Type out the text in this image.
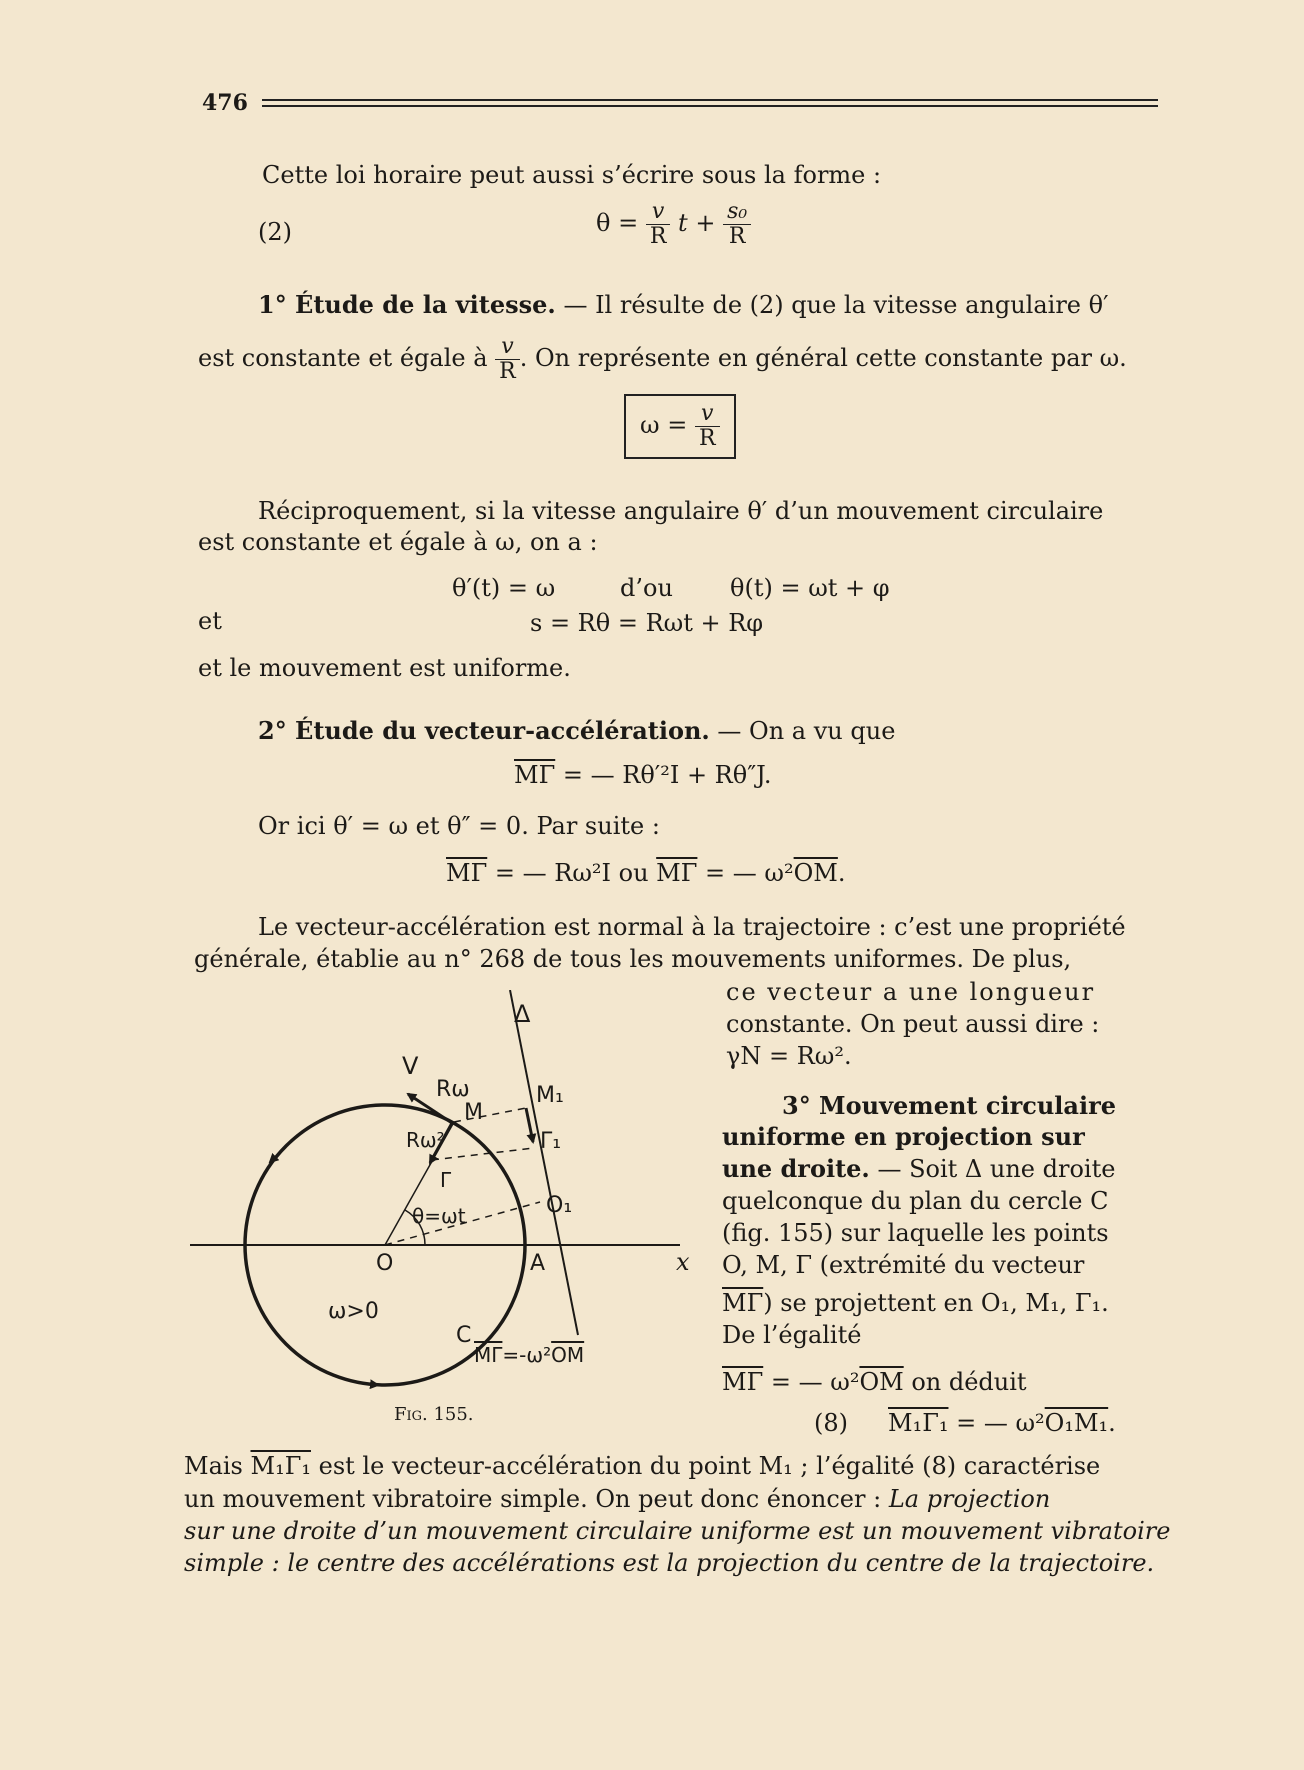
476
Cette loi horaire peut aussi s’écrire sous la forme :
(2)	$\theta = \frac{v}{R}$ $t + \frac{\text{s₀}}{R}$
1° Étude de la vitesse. — Il résulte de (2) que la vitesse angulaire θ′
est constante et égale à $\frac{v}{R}$ . On représente en général cette constante par ω.
$\omega = \frac{v}{R}$
Réciproquement, si la vitesse angulaire θ′ d’un mouvement circulaire
est constante et égale à ω, on a :
θ′(t) = ω	d’ou θ(t) = ωt + φ
et	s = Rθ = Rωt + Rφ
et le mouvement est uniforme.
2° Étude du vecteur-accélération. — On a vu que
$\overline{M\Gamma}$ = — Rθ′²I + Rθ″J.
Or ici θ′ = ω et θ″ = 0. Par suite :
$\overline{M\Gamma}$ = — Rω²I ou $\overline{M\Gamma}$ = — $\omega^2\overline{OM}$.
Le vecteur-accélération est normal à la trajectoire : c’est une propriété
générale, établie au n° 268 de tous les mouvements uniformes. De plus,
ce vecteur a une longueur
constante. On peut aussi dire :
γN = Rω².
3° Mouvement circulaire
uniforme en projection sur
une droite. — Soit Δ une droite
quelconque du plan du cercle C
(fig. 155) sur laquelle les points
O, M, Γ (extrémité du vecteur
$\overline{M\Gamma}$) se projettent en O₁, M₁, Γ₁.
De l’égalité
$\overline{M\Gamma}$ = — $\omega^2\overline{OM}$ on déduit
(8) M₁Γ₁ = — ω²O₁M₁.
V
Rω
M
Rω²
Γ
θ=ωt
O	A	x
ω>0
C
Δ
M₁
Γ₁
O₁
MΓ=-ω²OM
Fig. 155.
Mais M₁Γ₁ est le vecteur-accélération du point M₁ ; l’égalité (8) caractérise
un mouvement vibratoire simple. On peut donc énoncer : La projection
sur une droite d’un mouvement circulaire uniforme est un mouvement vibratoire
simple : le centre des accélérations est la projection du centre de la trajectoire.
